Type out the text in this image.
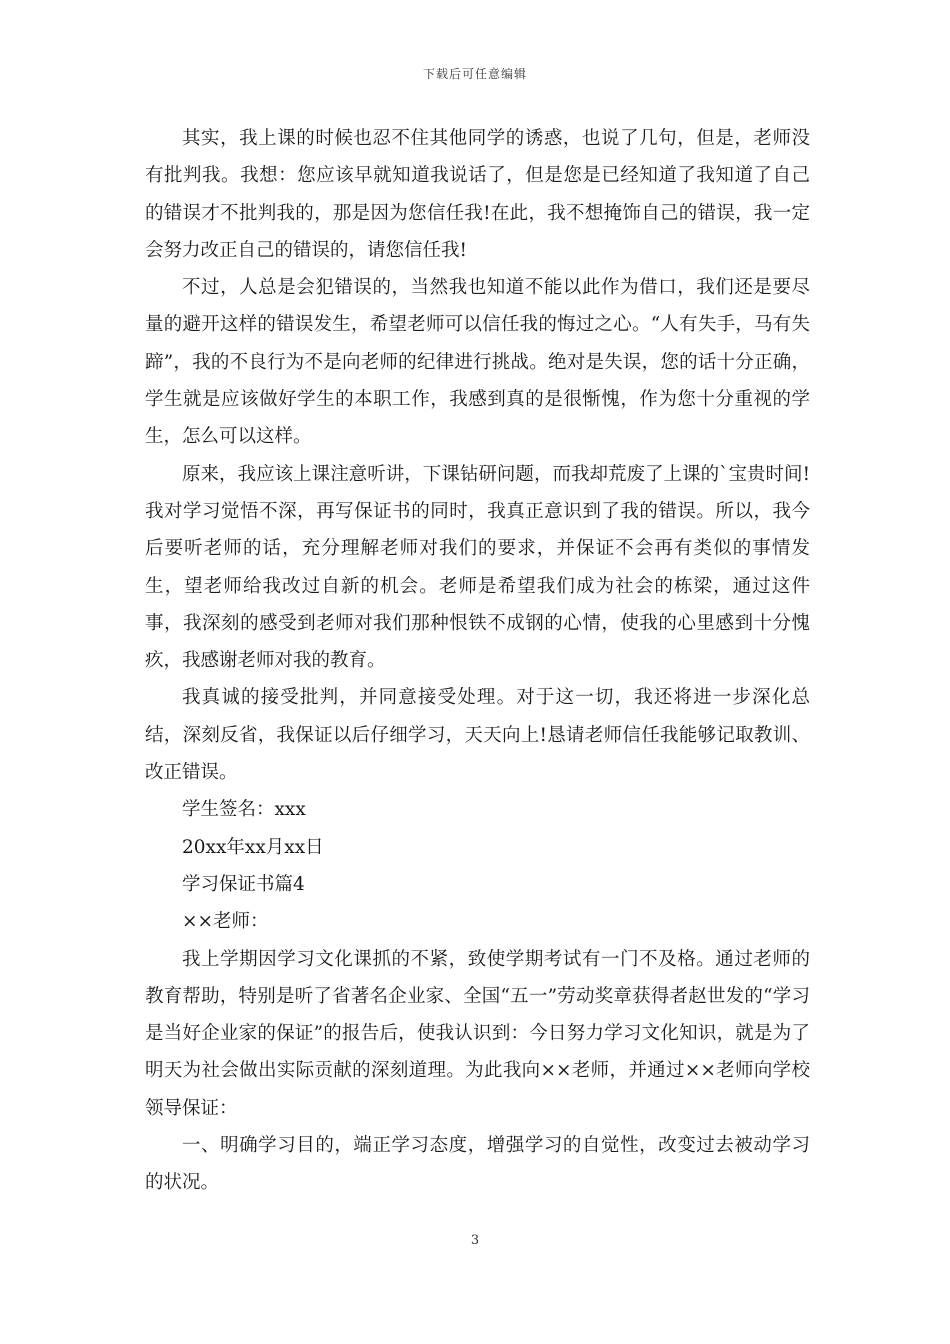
下载后可任意编辑

其实，我上课的时候也忍不住其他同学的诱惑，也说了几句，但是，老师没有批判我。我想：您应该早就知道我说话了，但是您是已经知道了我知道了自己的错误才不批判我的，那是因为您信任我!在此，我不想掩饰自己的错误，我一定会努力改正自己的错误的，请您信任我!

不过，人总是会犯错误的，当然我也知道不能以此作为借口，我们还是要尽量的避开这样的错误发生，希望老师可以信任我的悔过之心。“人有失手，马有失蹄”，我的不良行为不是向老师的纪律进行挑战。绝对是失误，您的话十分正确，学生就是应该做好学生的本职工作，我感到真的是很惭愧，作为您十分重视的学生，怎么可以这样。

原来，我应该上课注意听讲，下课钻研问题，而我却荒废了上课的`宝贵时间!我对学习觉悟不深，再写保证书的同时，我真正意识到了我的错误。所以，我今后要听老师的话，充分理解老师对我们的要求，并保证不会再有类似的事情发生，望老师给我改过自新的机会。老师是希望我们成为社会的栋梁，通过这件事，我深刻的感受到老师对我们那种恨铁不成钢的心情，使我的心里感到十分愧疚，我感谢老师对我的教育。

我真诚的接受批判，并同意接受处理。对于这一切，我还将进一步深化总结，深刻反省，我保证以后仔细学习，天天向上!恳请老师信任我能够记取教训、改正错误。

学生签名：xxx

20xx年xx月xx日

学习保证书篇4

××老师：

我上学期因学习文化课抓的不紧，致使学期考试有一门不及格。通过老师的教育帮助，特别是听了省著名企业家、全国“五一”劳动奖章获得者赵世发的“学习是当好企业家的保证”的报告后，使我认识到：今日努力学习文化知识，就是为了明天为社会做出实际贡献的深刻道理。为此我向××老师，并通过××老师向学校领导保证：

一、明确学习目的，端正学习态度，增强学习的自觉性，改变过去被动学习的状况。

3
